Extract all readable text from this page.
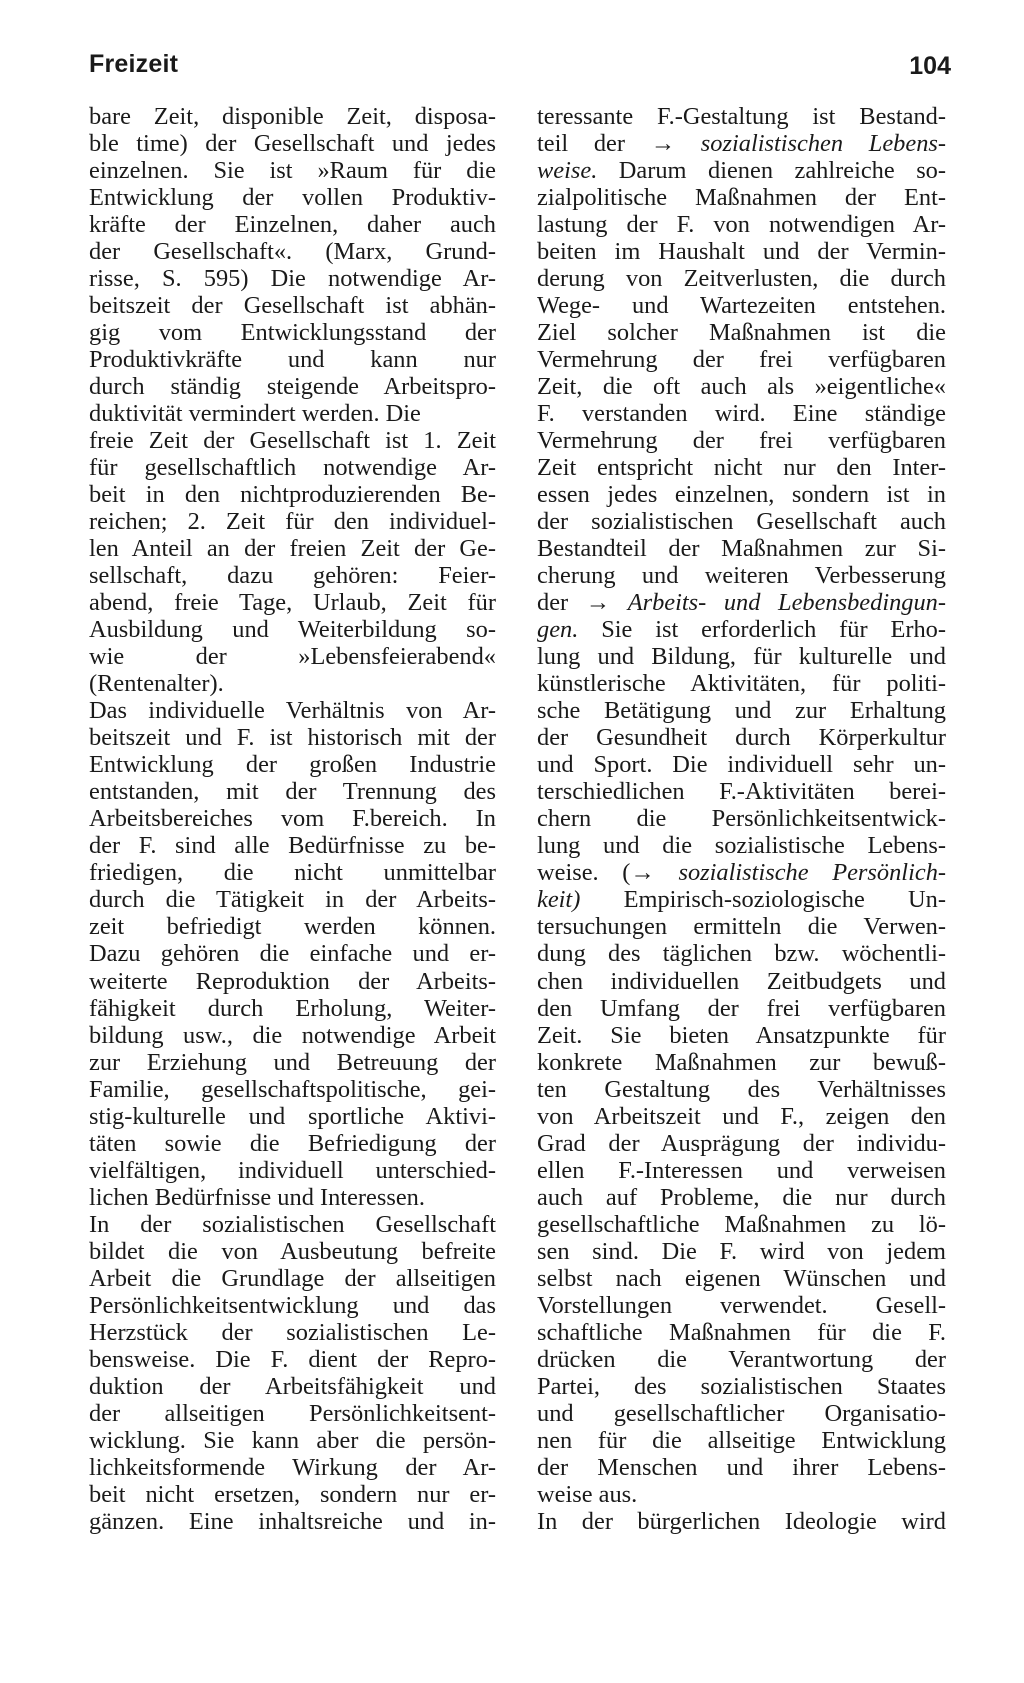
Freizeit	104
bare Zeit, disponible Zeit, disposa-
ble time) der Gesellschaft und jedes
einzelnen. Sie ist »Raum für die
Entwicklung der vollen Produktiv-
kräfte der Einzelnen, daher auch
der Gesellschaft«. (Marx, Grund-
risse, S. 595) Die notwendige Ar-
beitszeit der Gesellschaft ist abhän-
gig vom Entwicklungsstand der
Produktivkräfte und kann nur
durch ständig steigende Arbeitspro-
duktivität vermindert werden. Die
freie Zeit der Gesellschaft ist 1. Zeit
für gesellschaftlich notwendige Ar-
beit in den nichtproduzierenden Be-
reichen; 2. Zeit für den individuel-
len Anteil an der freien Zeit der Ge-
sellschaft, dazu gehören: Feier-
abend, freie Tage, Urlaub, Zeit für
Ausbildung und Weiterbildung so-
wie der »Lebensfeierabend«
(Rentenalter).
Das individuelle Verhältnis von Ar-
beitszeit und F. ist historisch mit der
Entwicklung der großen Industrie
entstanden, mit der Trennung des
Arbeitsbereiches vom F.bereich. In
der F. sind alle Bedürfnisse zu be-
friedigen, die nicht unmittelbar
durch die Tätigkeit in der Arbeits-
zeit befriedigt werden können.
Dazu gehören die einfache und er-
weiterte Reproduktion der Arbeits-
fähigkeit durch Erholung, Weiter-
bildung usw., die notwendige Arbeit
zur Erziehung und Betreuung der
Familie, gesellschaftspolitische, gei-
stig-kulturelle und sportliche Aktivi-
täten sowie die Befriedigung der
vielfältigen, individuell unterschied-
lichen Bedürfnisse und Interessen.
In der sozialistischen Gesellschaft
bildet die von Ausbeutung befreite
Arbeit die Grundlage der allseitigen
Persönlichkeitsentwicklung und das
Herzstück der sozialistischen Le-
bensweise. Die F. dient der Repro-
duktion der Arbeitsfähigkeit und
der allseitigen Persönlichkeitsent-
wicklung. Sie kann aber die persön-
lichkeitsformende Wirkung der Ar-
beit nicht ersetzen, sondern nur er-
gänzen. Eine inhaltsreiche und in-
teressante F.-Gestaltung ist Bestand-
teil der → sozialistischen Lebens-
weise. Darum dienen zahlreiche so-
zialpolitische Maßnahmen der Ent-
lastung der F. von notwendigen Ar-
beiten im Haushalt und der Vermin-
derung von Zeitverlusten, die durch
Wege- und Wartezeiten entstehen.
Ziel solcher Maßnahmen ist die
Vermehrung der frei verfügbaren
Zeit, die oft auch als »eigentliche«
F. verstanden wird. Eine ständige
Vermehrung der frei verfügbaren
Zeit entspricht nicht nur den Inter-
essen jedes einzelnen, sondern ist in
der sozialistischen Gesellschaft auch
Bestandteil der Maßnahmen zur Si-
cherung und weiteren Verbesserung
der → Arbeits- und Lebensbedingun-
gen. Sie ist erforderlich für Erho-
lung und Bildung, für kulturelle und
künstlerische Aktivitäten, für politi-
sche Betätigung und zur Erhaltung
der Gesundheit durch Körperkultur
und Sport. Die individuell sehr un-
terschiedlichen F.-Aktivitäten berei-
chern die Persönlichkeitsentwick-
lung und die sozialistische Lebens-
weise. (→ sozialistische Persönlich-
keit) Empirisch-soziologische Un-
tersuchungen ermitteln die Verwen-
dung des täglichen bzw. wöchentli-
chen individuellen Zeitbudgets und
den Umfang der frei verfügbaren
Zeit. Sie bieten Ansatzpunkte für
konkrete Maßnahmen zur bewuß-
ten Gestaltung des Verhältnisses
von Arbeitszeit und F., zeigen den
Grad der Ausprägung der individu-
ellen F.-Interessen und verweisen
auch auf Probleme, die nur durch
gesellschaftliche Maßnahmen zu lö-
sen sind. Die F. wird von jedem
selbst nach eigenen Wünschen und
Vorstellungen verwendet. Gesell-
schaftliche Maßnahmen für die F.
drücken die Verantwortung der
Partei, des sozialistischen Staates
und gesellschaftlicher Organisatio-
nen für die allseitige Entwicklung
der Menschen und ihrer Lebens-
weise aus.
In der bürgerlichen Ideologie wird
